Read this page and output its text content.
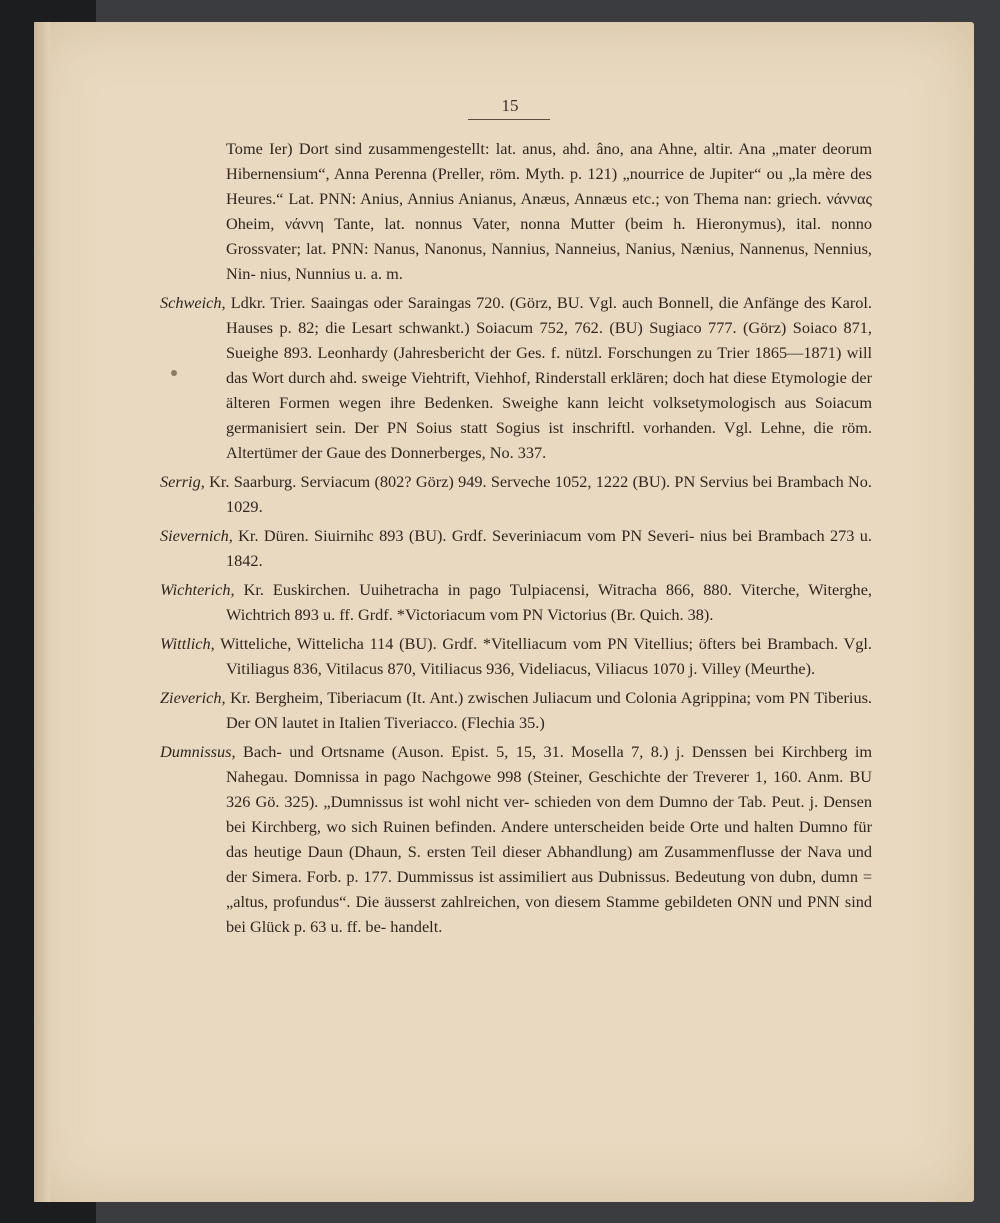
15

Tome Ier) Dort sind zusammengestellt: lat. anus, ahd. âno, ana Ahne, altir. Ana „mater deorum Hibernensium“, Anna Perenna (Preller, röm. Myth. p. 121) „nourrice de Jupiter“ ou „la mère des Heures.“ Lat. PNN: Anius, Annius Anianus, Anæus, Annæus etc.; von Thema nan: griech. νάννας Oheim, νάννη Tante, lat. nonnus Vater, nonna Mutter (beim h. Hieronymus), ital. nonno Grossvater; lat. PNN: Nanus, Nanonus, Nannius, Nanneius, Nanius, Nænius, Nannenus, Nennius, Nin- nius, Nunnius u. a. m.

Schweich, Ldkr. Trier. Saaingas oder Saraingas 720. (Görz, BU. Vgl. auch Bonnell, die Anfänge des Karol. Hauses p. 82; die Lesart schwankt.) Soiacum 752, 762. (BU) Sugiaco 777. (Görz) Soiaco 871, Sueighe 893. Leonhardy (Jahresbericht der Ges. f. nützl. Forschungen zu Trier 1865—1871) will das Wort durch ahd. sweige Viehtrift, Viehhof, Rinderstall erklären; doch hat diese Etymologie der älteren Formen wegen ihre Bedenken. Sweighe kann leicht volksetymologisch aus Soiacum germanisiert sein. Der PN Soius statt Sogius ist inschriftl. vorhanden. Vgl. Lehne, die röm. Altertümer der Gaue des Donnerberges, No. 337.

Serrig, Kr. Saarburg. Serviacum (802? Görz) 949. Serveche 1052, 1222 (BU). PN Servius bei Brambach No. 1029.

Sievernich, Kr. Düren. Siuirnihc 893 (BU). Grdf. Severiniacum vom PN Severi- nius bei Brambach 273 u. 1842.

Wichterich, Kr. Euskirchen. Uuihetracha in pago Tulpiacensi, Witracha 866, 880. Viterche, Witerghe, Wichtrich 893 u. ff. Grdf. *Victoriacum vom PN Victorius (Br. Quich. 38).

Wittlich, Witteliche, Wittelicha 114 (BU). Grdf. *Vitelliacum vom PN Vitellius; öfters bei Brambach. Vgl. Vitiliagus 836, Vitilacus 870, Vitiliacus 936, Videliacus, Viliacus 1070 j. Villey (Meurthe).

Zieverich, Kr. Bergheim, Tiberiacum (It. Ant.) zwischen Juliacum und Colonia Agrippina; vom PN Tiberius. Der ON lautet in Italien Tiveriacco. (Flechia 35.)

Dumnissus, Bach- und Ortsname (Auson. Epist. 5, 15, 31. Mosella 7, 8.) j. Denssen bei Kirchberg im Nahegau. Domnissa in pago Nachgowe 998 (Steiner, Geschichte der Treverer 1, 160. Anm. BU 326 Gö. 325). „Dumnissus ist wohl nicht ver- schieden von dem Dumno der Tab. Peut. j. Densen bei Kirchberg, wo sich Ruinen befinden. Andere unterscheiden beide Orte und halten Dumno für das heutige Daun (Dhaun, S. ersten Teil dieser Abhandlung) am Zusammenflusse der Nava und der Simera. Forb. p. 177. Dummissus ist assimiliert aus Dubnissus. Bedeutung von dubn, dumn = „altus, profundus“. Die äusserst zahlreichen, von diesem Stamme gebildeten ONN und PNN sind bei Glück p. 63 u. ff. be- handelt.
